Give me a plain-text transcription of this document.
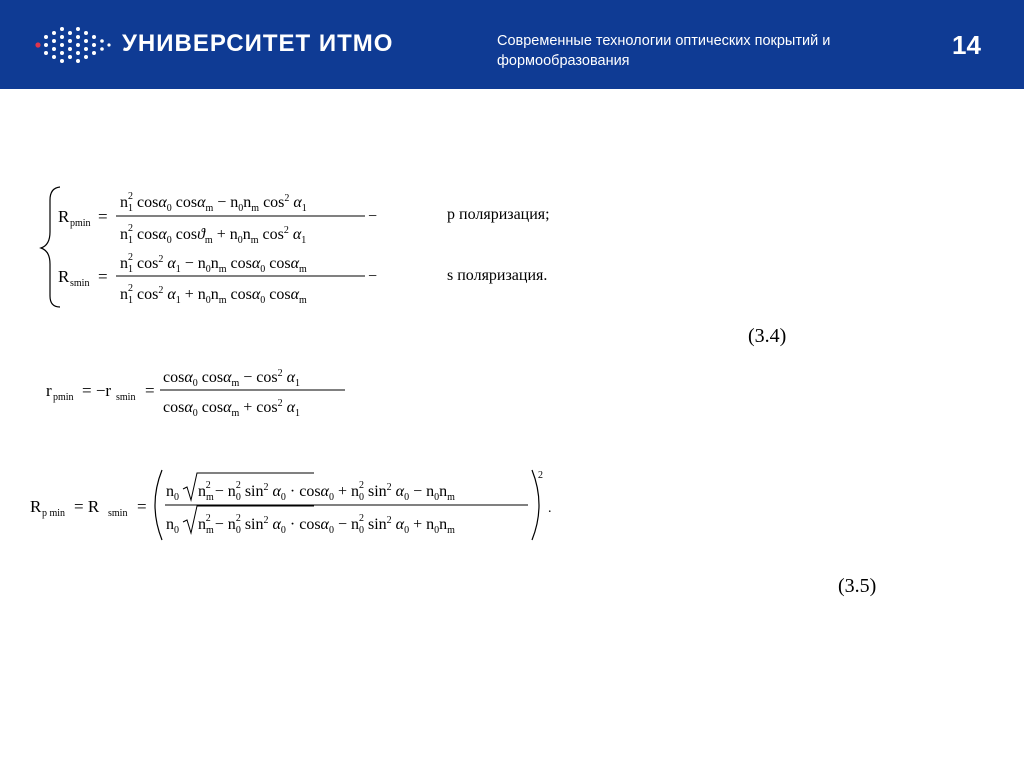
УНИВЕРСИТЕТ ИТМО	Современные технологии оптических покрытий и формообразования
14
R pmin =
$n_12$ cosα$_0$ $\cos\alpha_m - n_0n_m$ $\cos^2 \alpha_1$
$n_12$ cosα$_0$ $\cos ϑ_m + n_0n_m$ $\cos^2 \alpha_1$
−
R smin =
$n_12$ $\cos^2 \alpha_1 - n_0n_m$ cosα$_0$ cosα$_m$
$n_12$ $\cos^2 \alpha_1 + n_0n_m$ cosα$_0$ cosα$_m$
−
r pmin = −r smin =
cosα$_0$ $\cos\alpha_m - \cos^2 \alpha_1$
cosα$_0$ $\cos\alpha_m + \cos^2 \alpha_1$
R p min = R smin =
2
.
$n_0$ $n_m2 - n_02$ $\sin^2 \alpha_0 \cdot \cos\alpha_0 + n_02$ $\sin^2 \alpha_0 - n_0n_m$
$n_0$ $n_m2 - n_02$ $\sin^2 \alpha_0 \cdot \cos\alpha_0 - n_02$ $\sin^2 \alpha_0 + n_0n_m$
p поляризация;
s поляризация.
(3.4)
(3.5)
